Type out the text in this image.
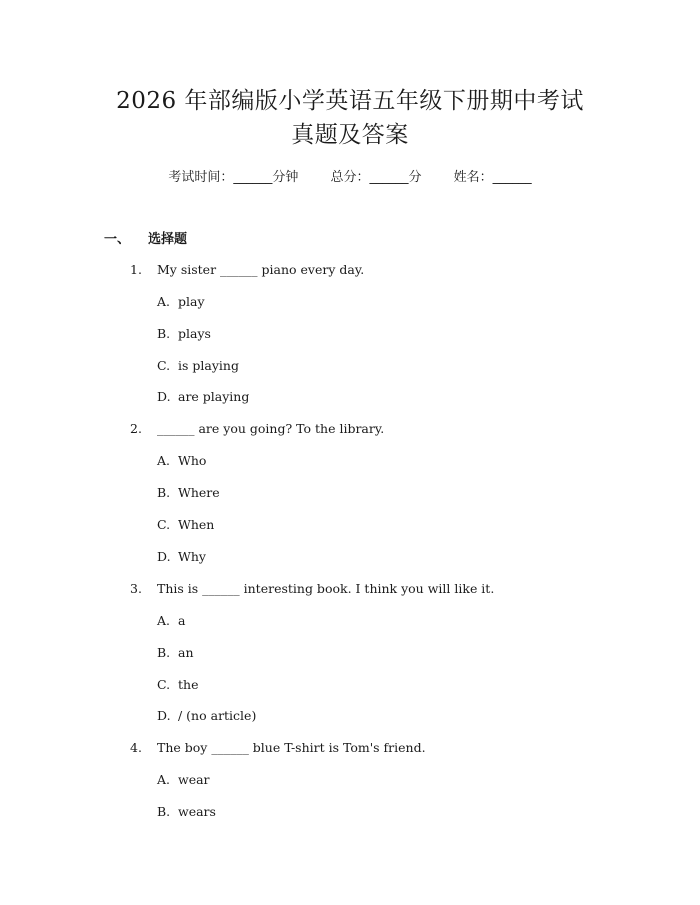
2026 年部编版小学英语五年级下册期中考试
真题及答案
考试时间：______分钟 总分：______分 姓名：______
一、 选择题
1. My sister ______ piano every day.
A. play
B. plays
C. is playing
D. are playing
2. ______ are you going? To the library.
A. Who
B. Where
C. When
D. Why
3. This is ______ interesting book. I think you will like it.
A. a
B. an
C. the
D. / (no article)
4. The boy ______ blue T-shirt is Tom's friend.
A. wear
B. wears
